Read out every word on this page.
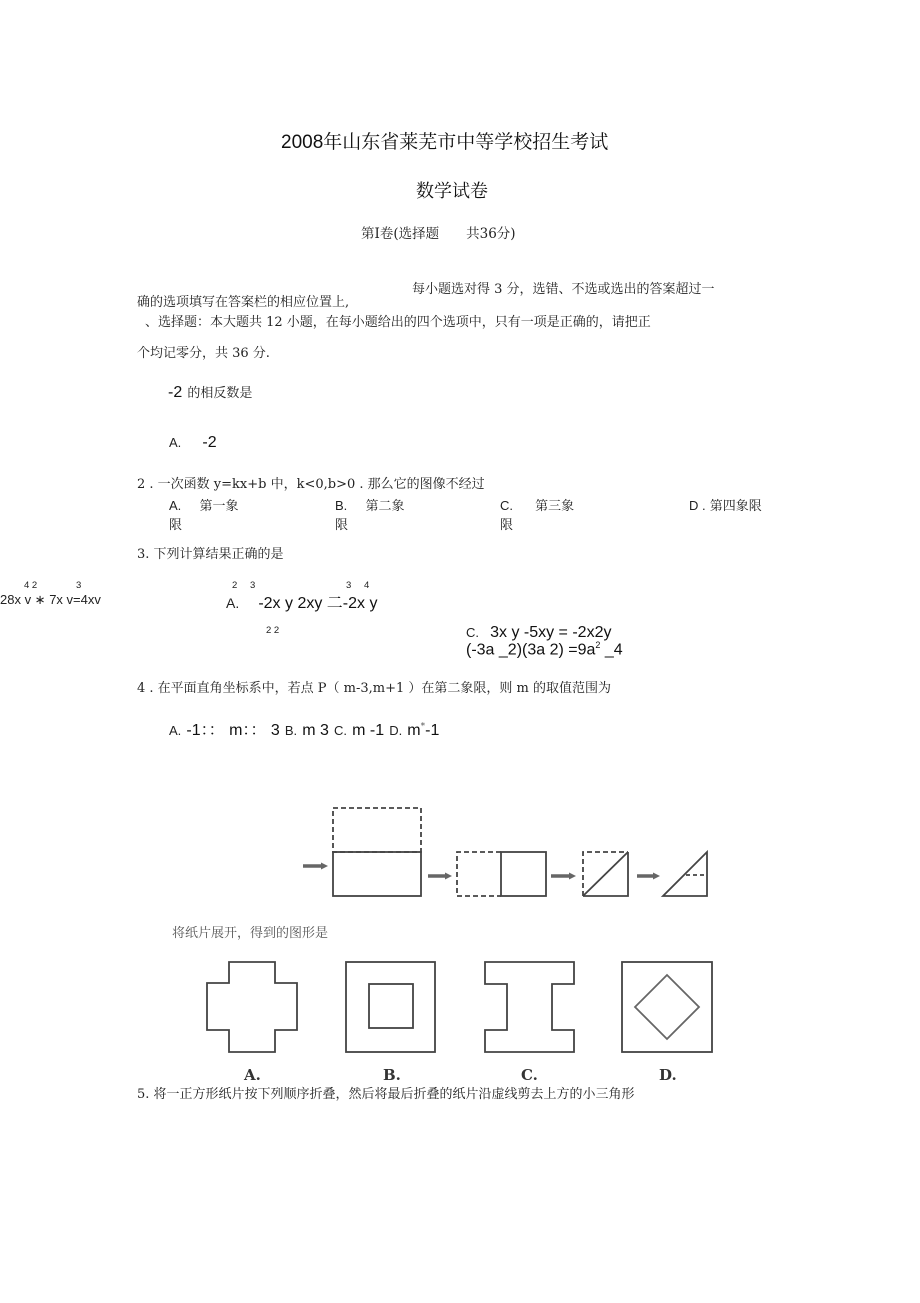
2008年山东省莱芜市中等学校招生考试
数学试卷
第Ⅰ卷(选择题　　共36分)
每小题选对得 3 分，选错、不选或选出的答案超过一
确的选项填写在答案栏的相应位置上,
、选择题：本大题共 12 小题，在每小题给出的四个选项中，只有一项是正确的，请把正
个均记零分，共 36 分.
-2 的相反数是
A. -2
2 . 一次函数 y=kx+b 中，k<0,b>0 . 那么它的图像不经过
A. 第一象
限
B. 第二象
限
C. 第三象
限
D . 第四象限
3. 下列计算结果正确的是
4 2	3
28x v ∗ 7x v=4xv
2 3	3 4
A. -2x y 2xy 二-2x y
2 2	C. 3x y -5xy = -2x2y
(-3a _2)(3a $2) =9a^2$ _4
4 . 在平面直角坐标系中，若点 P（ m-3,m+1 ）在第二象限，则 m 的取值范围为
A. -1：： m：： 3 B. m 3 C. m -1 D. m*-1
将纸片展开，得到的图形是
A.	B.	C.	D.
5. 将一正方形纸片按下列顺序折叠，然后将最后折叠的纸片沿虚线剪去上方的小三角形
